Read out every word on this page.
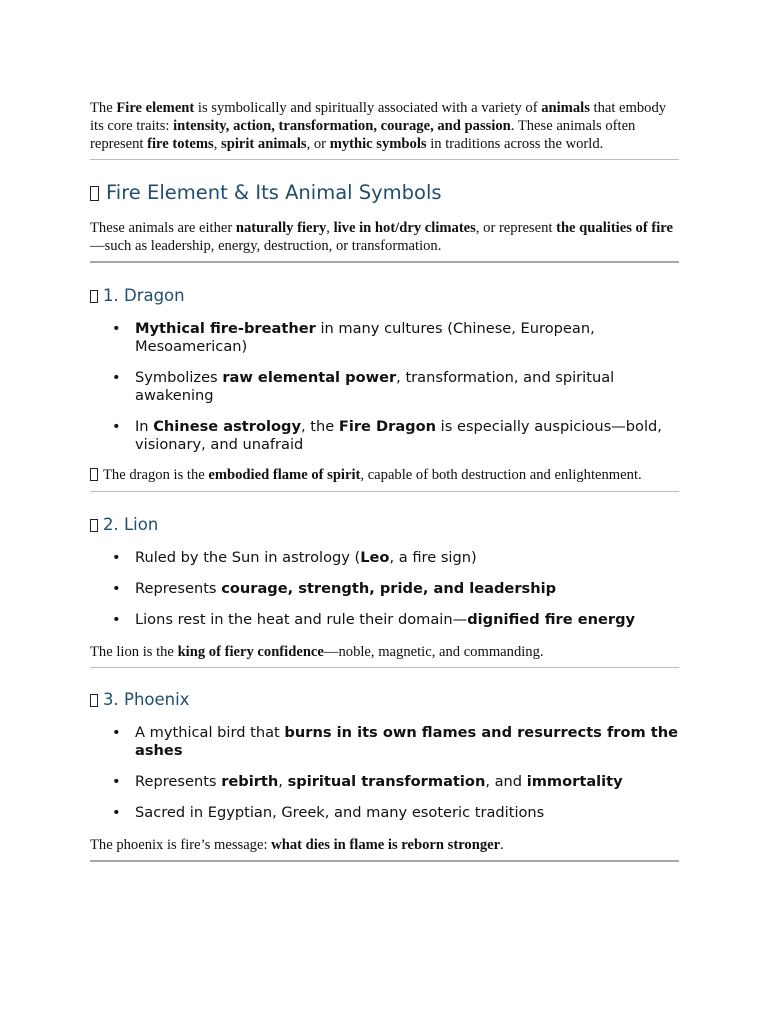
The Fire element is symbolically and spiritually associated with a variety of animals that embody its core traits: intensity, action, transformation, courage, and passion. These animals often represent fire totems, spirit animals, or mythic symbols in traditions across the world.

Fire Element & Its Animal Symbols

These animals are either naturally fiery, live in hot/dry climates, or represent the qualities of fire—such as leadership, energy, destruction, or transformation.

1. Dragon
• Mythical fire-breather in many cultures (Chinese, European, Mesoamerican)
• Symbolizes raw elemental power, transformation, and spiritual awakening
• In Chinese astrology, the Fire Dragon is especially auspicious—bold, visionary, and unafraid

The dragon is the embodied flame of spirit, capable of both destruction and enlightenment.

2. Lion
• Ruled by the Sun in astrology (Leo, a fire sign)
• Represents courage, strength, pride, and leadership
• Lions rest in the heat and rule their domain—dignified fire energy

The lion is the king of fiery confidence—noble, magnetic, and commanding.

3. Phoenix
• A mythical bird that burns in its own flames and resurrects from the ashes
• Represents rebirth, spiritual transformation, and immortality
• Sacred in Egyptian, Greek, and many esoteric traditions

The phoenix is fire’s message: what dies in flame is reborn stronger.
